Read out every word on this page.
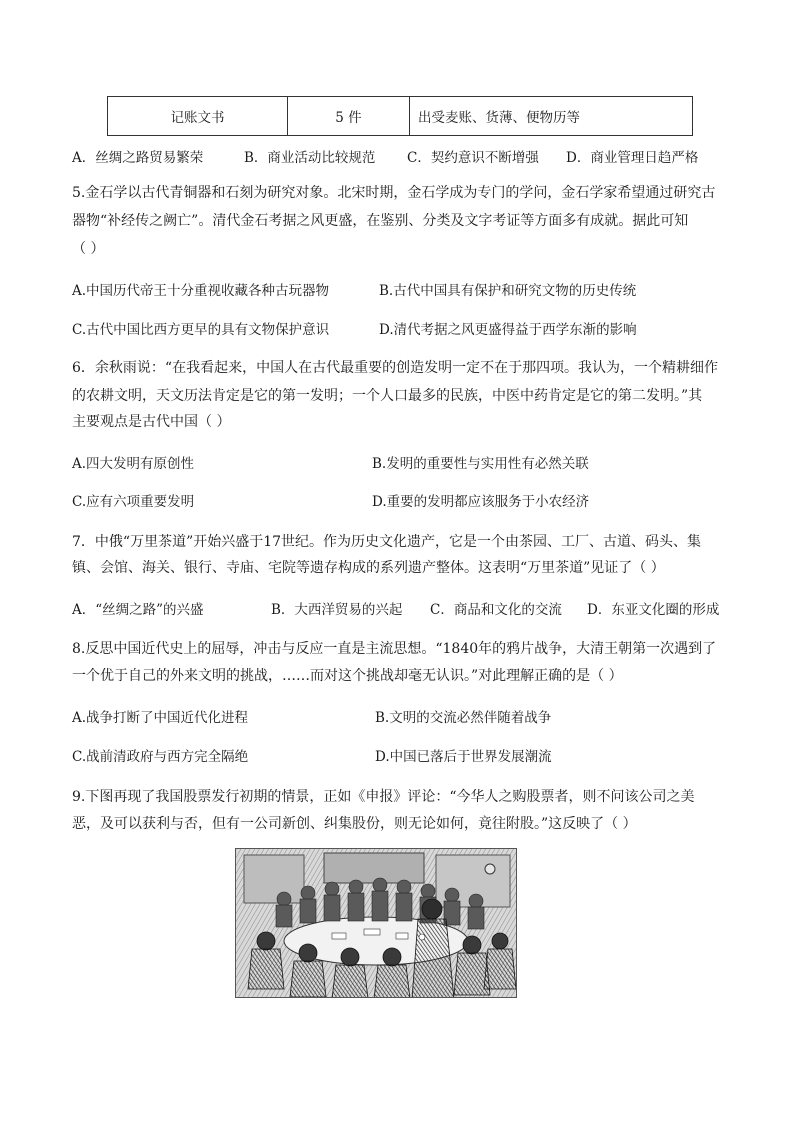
记账文书	5 件	出受麦账、货薄、便物历等
A．丝绸之路贸易繁荣	B．商业活动比较规范 C．契约意识不断增强 D．商业管理日趋严格
5.金石学以古代青铜器和石刻为研究对象。北宋时期，金石学成为专门的学问，金石学家希望通过研究古
器物“补经传之阙亡”。清代金石考据之风更盛，在鉴别、分类及文字考证等方面多有成就。据此可知
（ ）
A.中国历代帝王十分重视收藏各种古玩器物	B.古代中国具有保护和研究文物的历史传统
C.古代中国比西方更早的具有文物保护意识	D.清代考据之风更盛得益于西学东渐的影响
6．余秋雨说：“在我看起来，中国人在古代最重要的创造发明一定不在于那四项。我认为，一个精耕细作
的农耕文明，天文历法肯定是它的第一发明；一个人口最多的民族，中医中药肯定是它的第二发明。”其
主要观点是古代中国（ ）
A.四大发明有原创性	B.发明的重要性与实用性有必然关联
C.应有六项重要发明	D.重要的发明都应该服务于小农经济
7．中俄“万里茶道”开始兴盛于17世纪。作为历史文化遗产，它是一个由茶园、工厂、古道、码头、集
镇、会馆、海关、银行、寺庙、宅院等遗存构成的系列遗产整体。这表明“万里茶道”见证了（ ）
A．“丝绸之路”的兴盛	B．大西洋贸易的兴起 C．商品和文化的交流 D．东亚文化圈的形成
8.反思中国近代史上的屈辱，冲击与反应一直是主流思想。“1840年的鸦片战争，大清王朝第一次遇到了
一个优于自己的外来文明的挑战，……而对这个挑战却毫无认识。”对此理解正确的是（ ）
A.战争打断了中国近代化进程	B.文明的交流必然伴随着战争
C.战前清政府与西方完全隔绝	D.中国已落后于世界发展潮流
9.下图再现了我国股票发行初期的情景，正如《申报》评论：“今华人之购股票者，则不问该公司之美
恶，及可以获利与否，但有一公司新创、纠集股份，则无论如何，竟往附股。”这反映了（ ）
